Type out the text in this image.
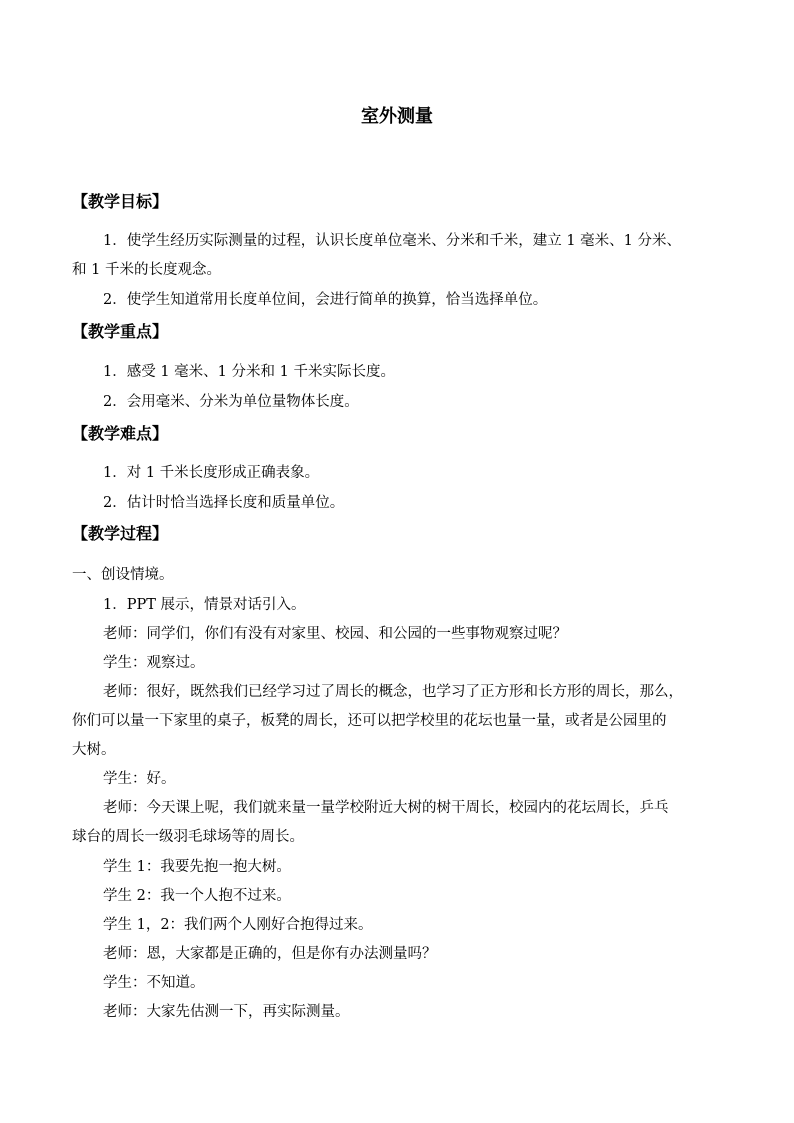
室外测量
【教学目标】
1．使学生经历实际测量的过程，认识长度单位毫米、分米和千米，建立 1 毫米、1 分米、
和 1 千米的长度观念。
2．使学生知道常用长度单位间，会进行简单的换算，恰当选择单位。
【教学重点】
1．感受 1 毫米、1 分米和 1 千米实际长度。
2．会用毫米、分米为单位量物体长度。
【教学难点】
1．对 1 千米长度形成正确表象。
2．估计时恰当选择长度和质量单位。
【教学过程】
一、创设情境。
1．PPT 展示，情景对话引入。
老师：同学们，你们有没有对家里、校园、和公园的一些事物观察过呢？
学生：观察过。
老师：很好，既然我们已经学习过了周长的概念，也学习了正方形和长方形的周长，那么，
你们可以量一下家里的桌子，板凳的周长，还可以把学校里的花坛也量一量，或者是公园里的
大树。
学生：好。
老师：今天课上呢，我们就来量一量学校附近大树的树干周长，校园内的花坛周长，乒乓
球台的周长一级羽毛球场等的周长。
学生 1：我要先抱一抱大树。
学生 2：我一个人抱不过来。
学生 1，2：我们两个人刚好合抱得过来。
老师：恩，大家都是正确的，但是你有办法测量吗？
学生：不知道。
老师：大家先估测一下，再实际测量。
